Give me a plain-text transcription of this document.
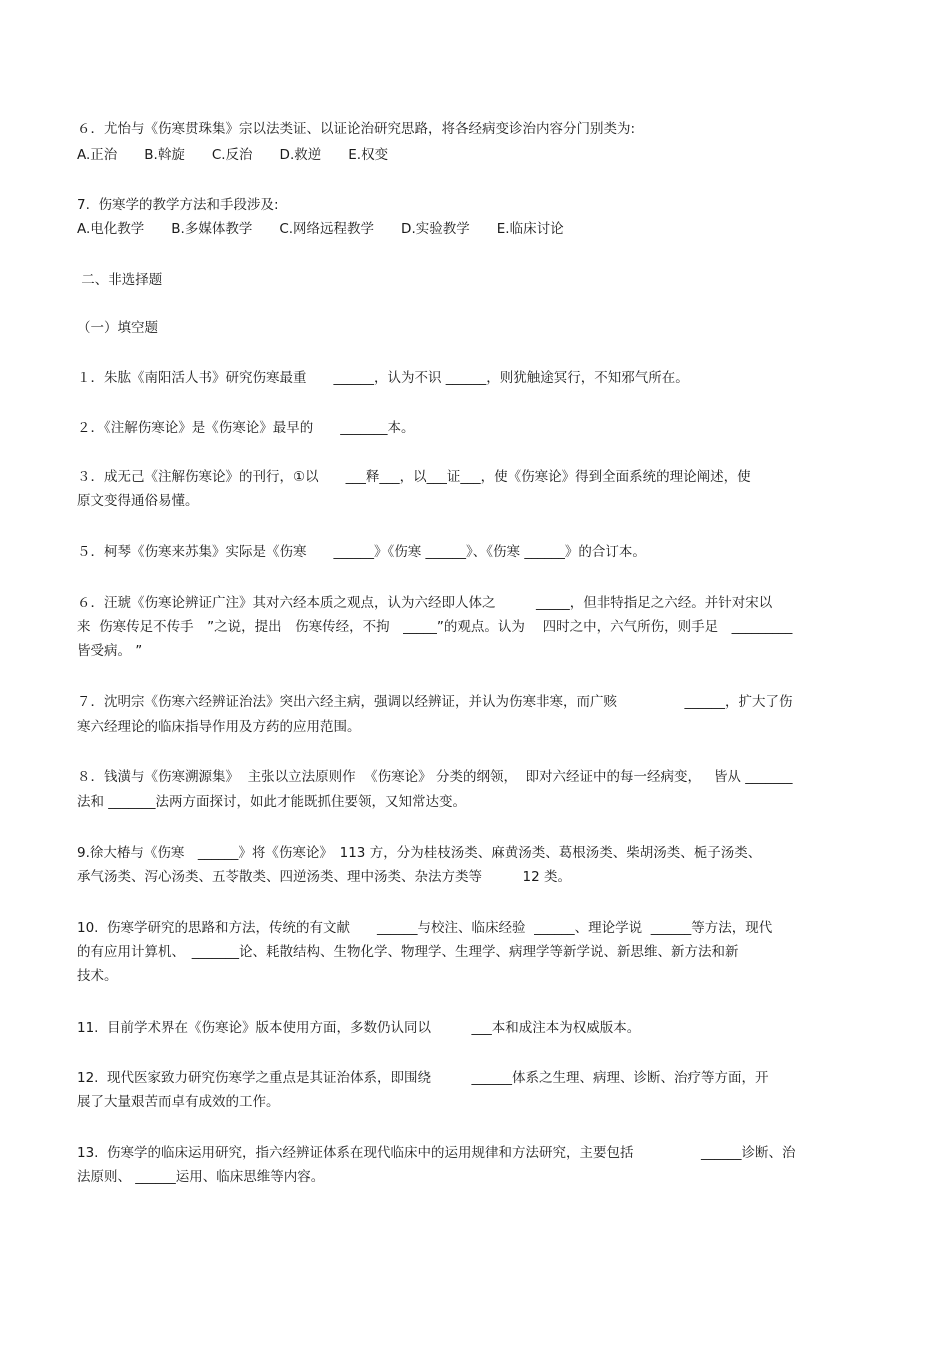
６．尤怡与《伤寒贯珠集》宗以法类证、以证论治研究思路，将各经病变诊治内容分门别类为:
A.正治　　B.斡旋　　C.反治　　D.救逆　　E.权变
7.  伤寒学的教学方法和手段涉及:
A.电化教学　　B.多媒体教学　　C.网络远程教学　　D.实验教学　　E.临床讨论
二、非选择题
（一）填空题
１．朱肱《南阳活人书》研究伤寒最重　　______，认为不识 ______，则犹触途冥行，不知邪气所在。
２．《注解伤寒论》是《伤寒论》最早的　　_______本。
３．成无己《注解伤寒论》的刊行，①以　　___释___，以___证___，使《伤寒论》得到全面系统的理论阐述，使
原文变得通俗易懂。
５．柯琴《伤寒来苏集》实际是《伤寒　　______》《伤寒 ______》、《伤寒 ______》的合订本。
６．汪琥《伤寒论辨证广注》其对六经本质之观点，认为六经即人体之　　　_____，但非特指足之六经。并针对宋以
来  伤寒传足不传手　”之说，提出　伤寒传经，不拘　_____”的观点。认为　 四时之中，六气所伤，则手足　_________
皆受病。 ”
７．沈明宗《伤寒六经辨证治法》突出六经主病，强调以经辨证，并认为伤寒非寒，而广赅　　　　　______，扩大了伤
寒六经理论的临床指导作用及方药的应用范围。
８．钱潢与《伤寒溯源集》  主张以立法原则作  《伤寒论》 分类的纲领，  即对六经证中的每一经病变，   皆从 _______
法和 _______法两方面探讨，如此才能既抓住要领，又知常达变。
9.徐大椿与《伤寒　______》将《伤寒论》　113 方，分为桂枝汤类、麻黄汤类、葛根汤类、柴胡汤类、栀子汤类、
承气汤类、泻心汤类、五苓散类、四逆汤类、理中汤类、杂法方类等　　　12 类。
10.  伤寒学研究的思路和方法，传统的有文献　　______与校注、临床经验  ______、理论学说  ______等方法，现代
的有应用计算机、　_______论、耗散结构、生物化学、物理学、生理学、病理学等新学说、新思维、新方法和新
技术。
11.  目前学术界在《伤寒论》版本使用方面，多数仍认同以　　　___本和成注本为权威版本。
12.  现代医家致力研究伤寒学之重点是其证治体系，即围绕　　　______体系之生理、病理、诊断、治疗等方面，开
展了大量艰苦而卓有成效的工作。
13.  伤寒学的临床运用研究，指六经辨证体系在现代临床中的运用规律和方法研究，主要包括　　　　　______诊断、治
法原则、 ______运用、临床思维等内容。
